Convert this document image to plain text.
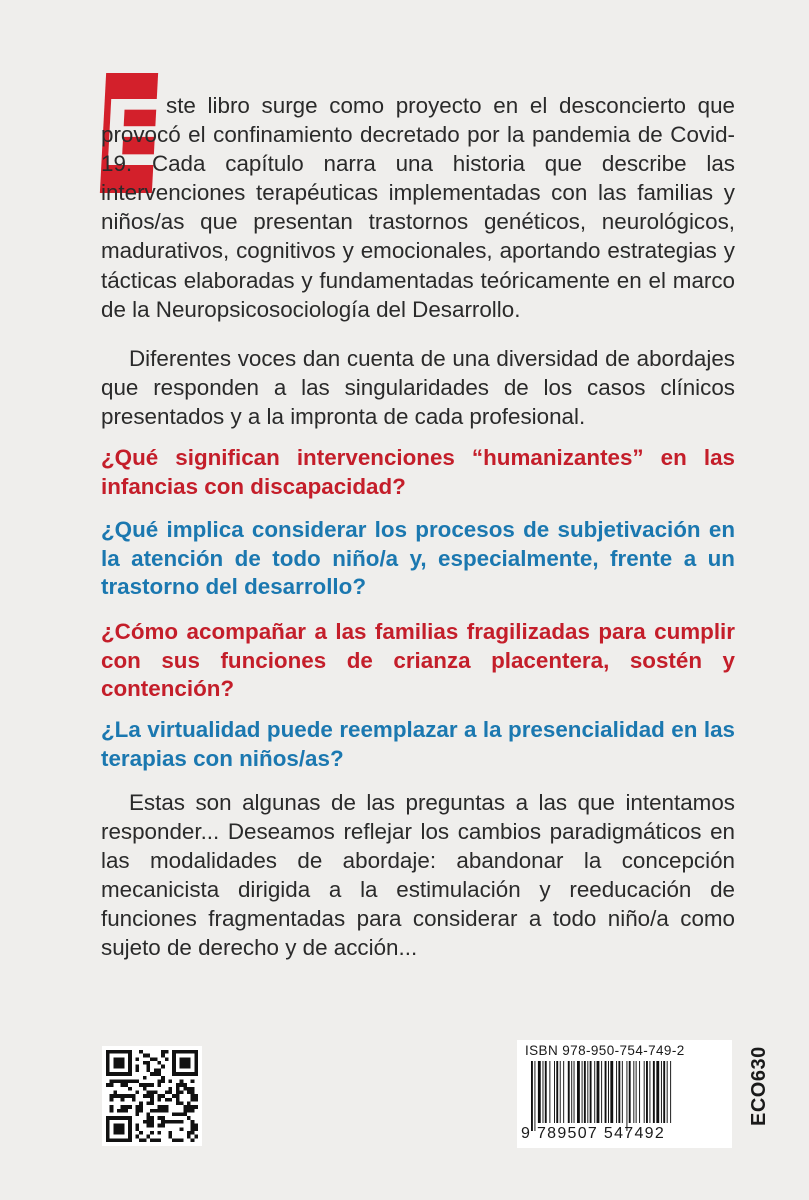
E

ste libro surge como proyecto en el desconcierto que provocó el confinamiento decretado por la pandemia de Covid-19. Cada capítulo narra una historia que describe las intervenciones terapéuticas implementadas con las familias y niños/as que presentan trastornos genéticos, neurológicos, madurativos, cognitivos y emocionales, aportando estrategias y tácticas elaboradas y fundamentadas teóricamente en el marco de la Neuropsicosociología del Desarrollo.

Diferentes voces dan cuenta de una diversidad de abordajes que responden a las singularidades de los casos clínicos presentados y a la impronta de cada profesional.

¿Qué significan intervenciones “humanizantes” en las infancias con discapacidad?

¿Qué implica considerar los procesos de subjetivación en la atención de todo niño/a y, especialmente, frente a un trastorno del desarrollo?

¿Cómo acompañar a las familias fragilizadas para cumplir con sus funciones de crianza placentera, sostén y contención?

¿La virtualidad puede reemplazar a la presencialidad en las terapias con niños/as?

Estas son algunas de las preguntas a las que intentamos responder... Deseamos reflejar los cambios paradigmáticos en las modalidades de abordaje: abandonar la concepción mecanicista dirigida a la estimulación y reeducación de funciones fragmentadas para considerar a todo niño/a como sujeto de derecho y de acción...

ISBN 978-950-754-749-2
9 789507 547492
ECO630
